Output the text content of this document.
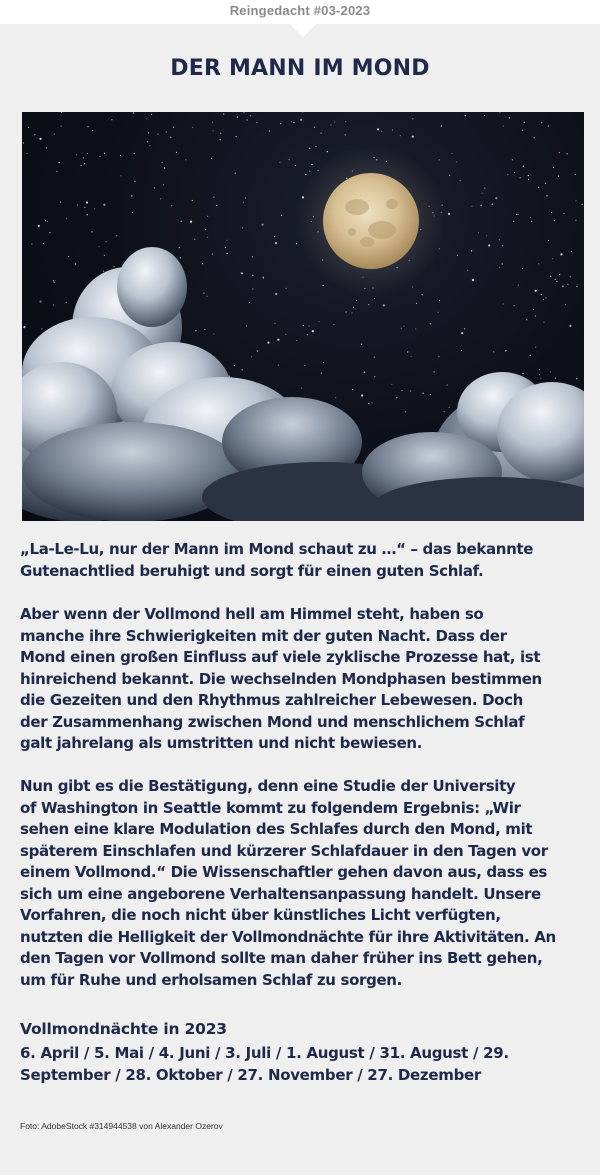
Reingedacht #03-2023
DER MANN IM MOND
„La-Le-Lu, nur der Mann im Mond schaut zu …“ – das bekannte
Gutenachtlied beruhigt und sorgt für einen guten Schlaf.
Aber wenn der Vollmond hell am Himmel steht, haben so
manche ihre Schwierigkeiten mit der guten Nacht. Dass der
Mond einen großen Einfluss auf viele zyklische Prozesse hat, ist
hinreichend bekannt. Die wechselnden Mondphasen bestimmen
die Gezeiten und den Rhythmus zahlreicher Lebewesen. Doch
der Zusammenhang zwischen Mond und menschlichem Schlaf
galt jahrelang als umstritten und nicht bewiesen.
Nun gibt es die Bestätigung, denn eine Studie der University
of Washington in Seattle kommt zu folgendem Ergebnis: „Wir
sehen eine klare Modulation des Schlafes durch den Mond, mit
späterem Einschlafen und kürzerer Schlafdauer in den Tagen vor
einem Vollmond.“ Die Wissenschaftler gehen davon aus, dass es
sich um eine angeborene Verhaltensanpassung handelt. Unsere
Vorfahren, die noch nicht über künstliches Licht verfügten,
nutzten die Helligkeit der Vollmondnächte für ihre Aktivitäten. An
den Tagen vor Vollmond sollte man daher früher ins Bett gehen,
um für Ruhe und erholsamen Schlaf zu sorgen.
Vollmondnächte in 2023
6. April / 5. Mai / 4. Juni / 3. Juli / 1. August / 31. August / 29.
September / 28. Oktober / 27. November / 27. Dezember
Foto: AdobeStock #314944538 von Alexander Ozerov
